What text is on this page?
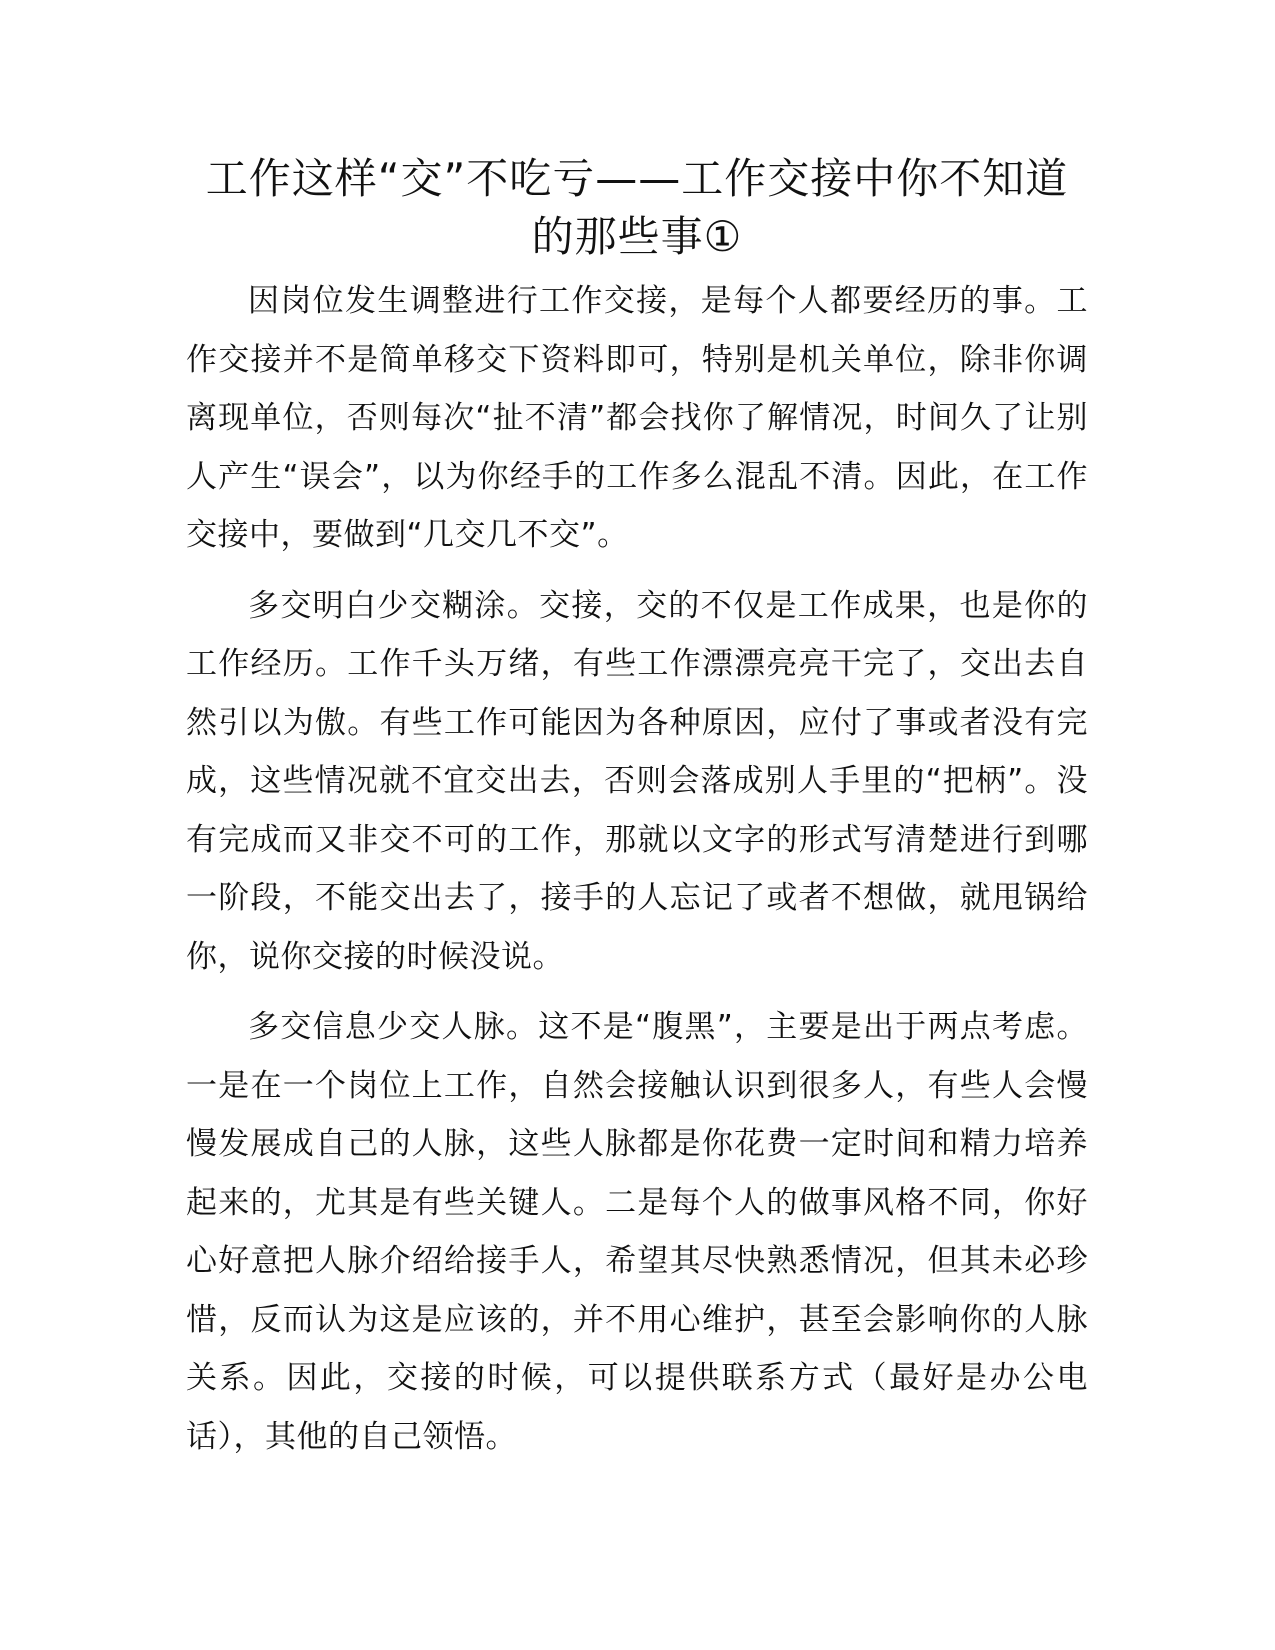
工作这样“交”不吃亏——工作交接中你不知道的那些事①

因岗位发生调整进行工作交接，是每个人都要经历的事。工作交接并不是简单移交下资料即可，特别是机关单位，除非你调离现单位，否则每次“扯不清”都会找你了解情况，时间久了让别人产生“误会”，以为你经手的工作多么混乱不清。因此，在工作交接中，要做到“几交几不交”。

多交明白少交糊涂。交接，交的不仅是工作成果，也是你的工作经历。工作千头万绪，有些工作漂漂亮亮干完了，交出去自然引以为傲。有些工作可能因为各种原因，应付了事或者没有完成，这些情况就不宜交出去，否则会落成别人手里的“把柄”。没有完成而又非交不可的工作，那就以文字的形式写清楚进行到哪一阶段，不能交出去了，接手的人忘记了或者不想做，就甩锅给你，说你交接的时候没说。

多交信息少交人脉。这不是“腹黑”，主要是出于两点考虑。一是在一个岗位上工作，自然会接触认识到很多人，有些人会慢慢发展成自己的人脉，这些人脉都是你花费一定时间和精力培养起来的，尤其是有些关键人。二是每个人的做事风格不同，你好心好意把人脉介绍给接手人，希望其尽快熟悉情况，但其未必珍惜，反而认为这是应该的，并不用心维护，甚至会影响你的人脉关系。因此，交接的时候，可以提供联系方式（最好是办公电话），其他的自己领悟。
